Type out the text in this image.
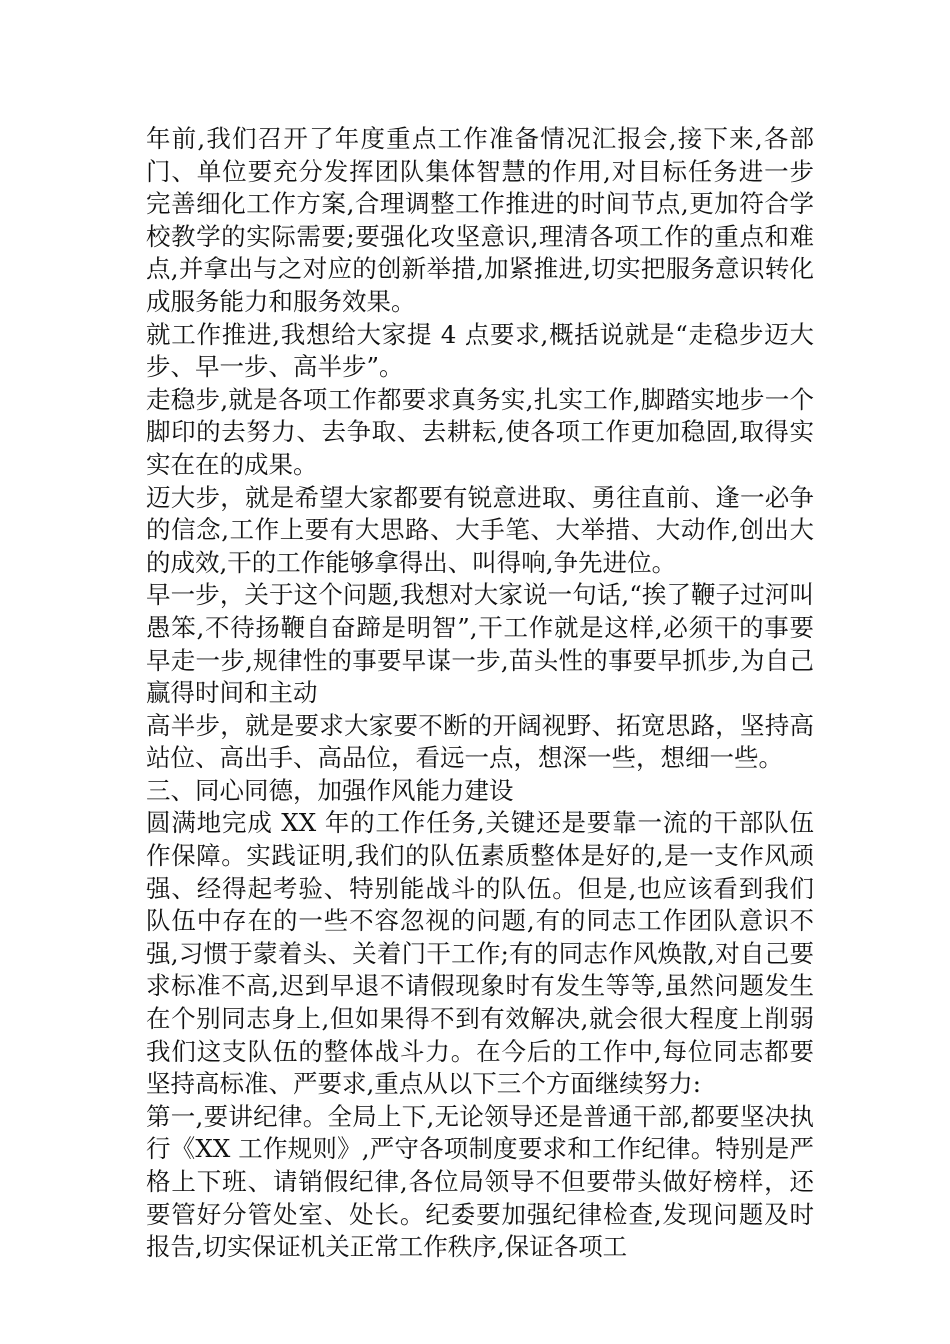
年前,我们召开了年度重点工作准备情况汇报会,接下来,各部门、单位要充分发挥团队集体智慧的作用,对目标任务进一步完善细化工作方案,合理调整工作推进的时间节点,更加符合学校教学的实际需要;要强化攻坚意识,理清各项工作的重点和难点,并拿出与之对应的创新举措,加紧推进,切实把服务意识转化成服务能力和服务效果。

就工作推进,我想给大家提 4 点要求,概括说就是“走稳步迈大步、早一步、高半步”。

走稳步,就是各项工作都要求真务实,扎实工作,脚踏实地步一个脚印的去努力、去争取、去耕耘,使各项工作更加稳固,取得实实在在的成果。

迈大步，就是希望大家都要有锐意进取、勇往直前、逢一必争的信念,工作上要有大思路、大手笔、大举措、大动作,创出大的成效,干的工作能够拿得出、叫得响,争先进位。

早一步，关于这个问题,我想对大家说一句话,“挨了鞭子过河叫愚笨,不待扬鞭自奋蹄是明智”,干工作就是这样,必须干的事要早走一步,规律性的事要早谋一步,苗头性的事要早抓步,为自己赢得时间和主动

高半步，就是要求大家要不断的开阔视野、拓宽思路，坚持高站位、高出手、高品位，看远一点，想深一些，想细一些。

三、同心同德，加强作风能力建设

圆满地完成 XX 年的工作任务,关键还是要靠一流的干部队伍作保障。实践证明,我们的队伍素质整体是好的,是一支作风顽强、经得起考验、特别能战斗的队伍。但是,也应该看到我们队伍中存在的一些不容忽视的问题,有的同志工作团队意识不强,习惯于蒙着头、关着门干工作;有的同志作风焕散,对自己要求标准不高,迟到早退不请假现象时有发生等等,虽然问题发生在个别同志身上,但如果得不到有效解决,就会很大程度上削弱我们这支队伍的整体战斗力。在今后的工作中,每位同志都要坚持高标准、严要求,重点从以下三个方面继续努力:

第一,要讲纪律。全局上下,无论领导还是普通干部,都要坚决执行《XX 工作规则》,严守各项制度要求和工作纪律。特别是严格上下班、请销假纪律,各位局领导不但要带头做好榜样，还要管好分管处室、处长。纪委要加强纪律检查,发现问题及时报告,切实保证机关正常工作秩序,保证各项工
